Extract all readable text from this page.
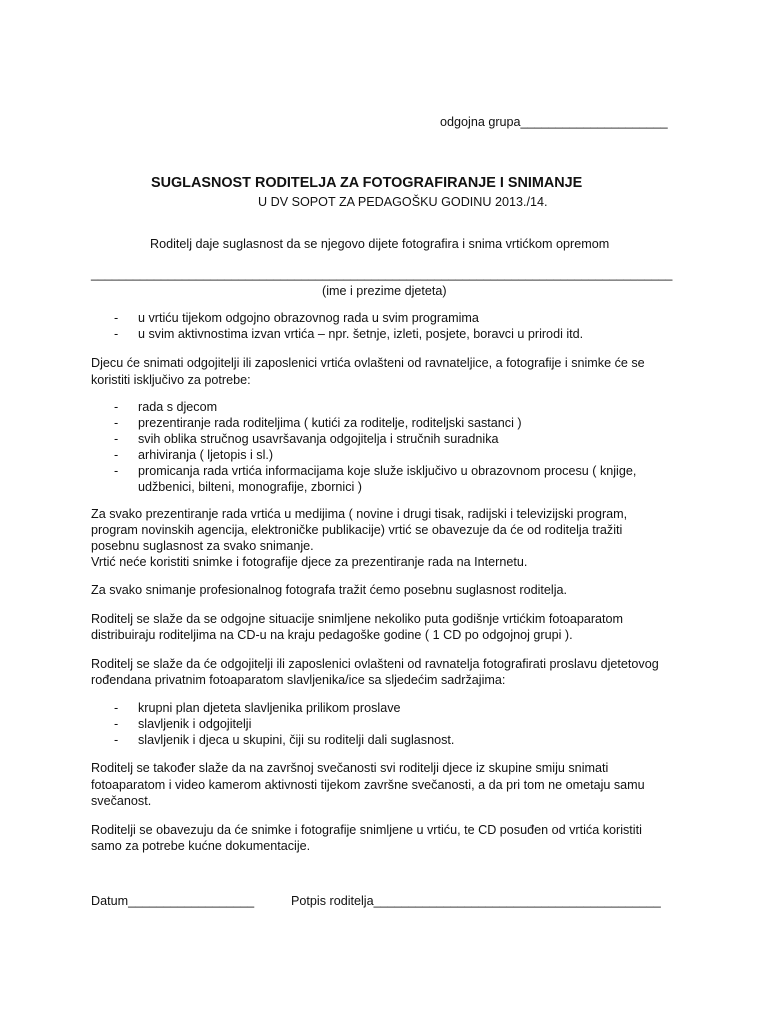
odgojna grupa_____________________
SUGLASNOST RODITELJA ZA FOTOGRAFIRANJE I SNIMANJE
U DV SOPOT ZA PEDAGOŠKU GODINU 2013./14.
Roditelj daje suglasnost da se njegovo dijete fotografira i snima vrtićkom opremom
___________________________________________________________________________________
(ime i prezime djeteta)
- u vrtiću tijekom odgojno obrazovnog rada u svim programima
- u svim aktivnostima izvan vrtića – npr. šetnje, izleti, posjete, boravci u prirodi itd.
Djecu će snimati odgojitelji ili zaposlenici vrtića ovlašteni od ravnateljice, a fotografije i snimke će se
koristiti isključivo za potrebe:
- rada s djecom
- prezentiranje rada roditeljima ( kutići za roditelje, roditeljski sastanci )
- svih oblika stručnog usavršavanja odgojitelja i stručnih suradnika
- arhiviranja ( ljetopis i sl.)
- promicanja rada vrtića informacijama koje služe isključivo u obrazovnom procesu ( knjige,
udžbenici, bilteni, monografije, zbornici )
Za svako prezentiranje rada vrtića u medijima ( novine i drugi tisak, radijski i televizijski program,
program novinskih agencija, elektroničke publikacije) vrtić se obavezuje da će od roditelja tražiti
posebnu suglasnost za svako snimanje.
Vrtić neće koristiti snimke i fotografije djece za prezentiranje rada na Internetu.
Za svako snimanje profesionalnog fotografa tražit ćemo posebnu suglasnost roditelja.
Roditelj se slaže da se odgojne situacije snimljene nekoliko puta godišnje vrtićkim fotoaparatom
distribuiraju roditeljima na CD-u na kraju pedagoške godine ( 1 CD po odgojnoj grupi ).
Roditelj se slaže da će odgojitelji ili zaposlenici ovlašteni od ravnatelja fotografirati proslavu djetetovog
rođendana privatnim fotoaparatom slavljenika/ice sa sljedećim sadržajima:
- krupni plan djeteta slavljenika prilikom proslave
- slavljenik i odgojitelji
- slavljenik i djeca u skupini, čiji su roditelji dali suglasnost.
Roditelj se također slaže da na završnoj svečanosti svi roditelji djece iz skupine smiju snimati
fotoaparatom i video kamerom aktivnosti tijekom završne svečanosti, a da pri tom ne ometaju samu
svečanost.
Roditelji se obavezuju da će snimke i fotografije snimljene u vrtiću, te CD posuđen od vrtića koristiti
samo za potrebe kućne dokumentacije.
Datum__________________	Potpis roditelja_________________________________________
